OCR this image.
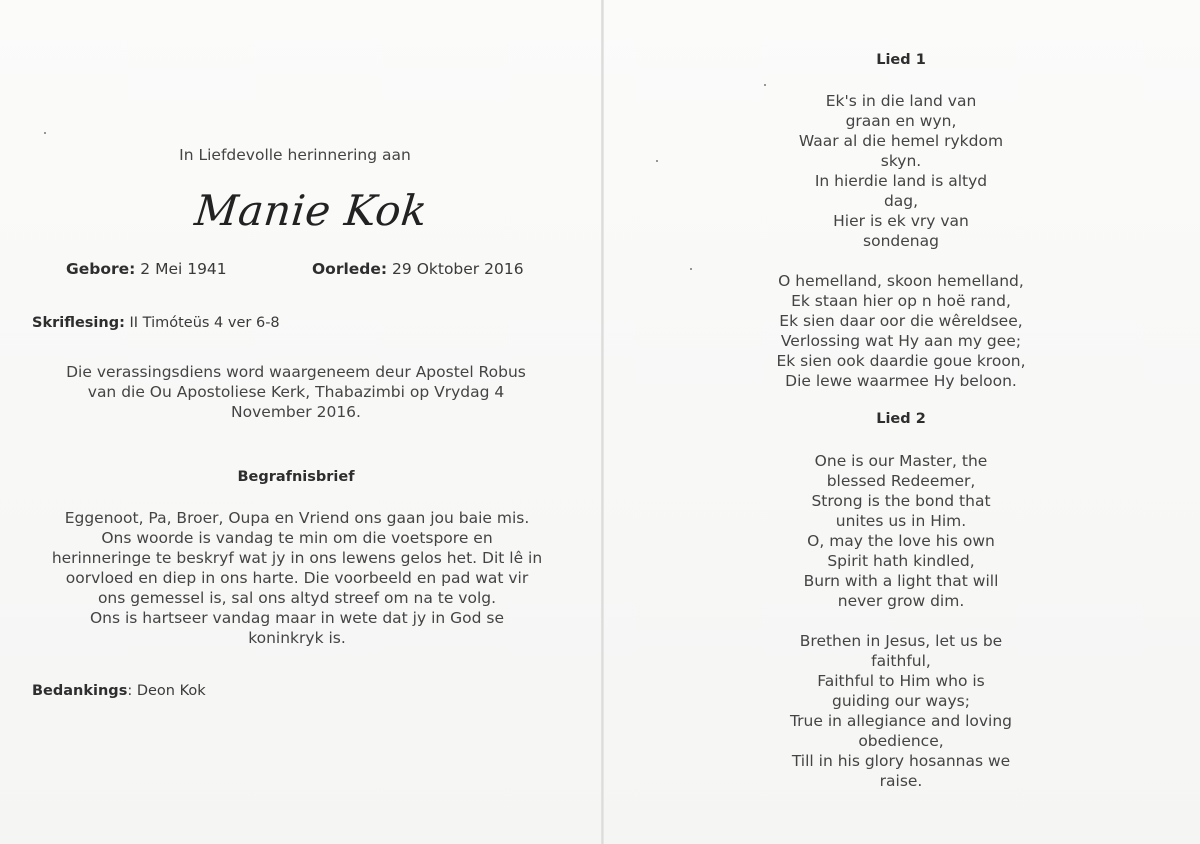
In Liefdevolle herinnering aan
Manie Kok
Gebore: 2 Mei 1941	Oorlede: 29 Oktober 2016
Skriflesing: II Timóteüs 4 ver 6-8
Die verassingsdiens word waargeneem deur Apostel Robus
van die Ou Apostoliese Kerk, Thabazimbi op Vrydag 4
November 2016.
Begrafnisbrief
Eggenoot, Pa, Broer, Oupa en Vriend ons gaan jou baie mis.
Ons woorde is vandag te min om die voetspore en
herinneringe te beskryf wat jy in ons lewens gelos het. Dit lê in
oorvloed en diep in ons harte. Die voorbeeld en pad wat vir
ons gemessel is, sal ons altyd streef om na te volg.
Ons is hartseer vandag maar in wete dat jy in God se
koninkryk is.
Bedankings: Deon Kok
Lied 1
Ek's in die land van
graan en wyn,
Waar al die hemel rykdom
skyn.
In hierdie land is altyd
dag,
Hier is ek vry van
sondenag
O hemelland, skoon hemelland,
Ek staan hier op n hoë rand,
Ek sien daar oor die wêreldsee,
Verlossing wat Hy aan my gee;
Ek sien ook daardie goue kroon,
Die lewe waarmee Hy beloon.
Lied 2
One is our Master, the
blessed Redeemer,
Strong is the bond that
unites us in Him.
O, may the love his own
Spirit hath kindled,
Burn with a light that will
never grow dim.
Brethen in Jesus, let us be
faithful,
Faithful to Him who is
guiding our ways;
True in allegiance and loving
obedience,
Till in his glory hosannas we
raise.
